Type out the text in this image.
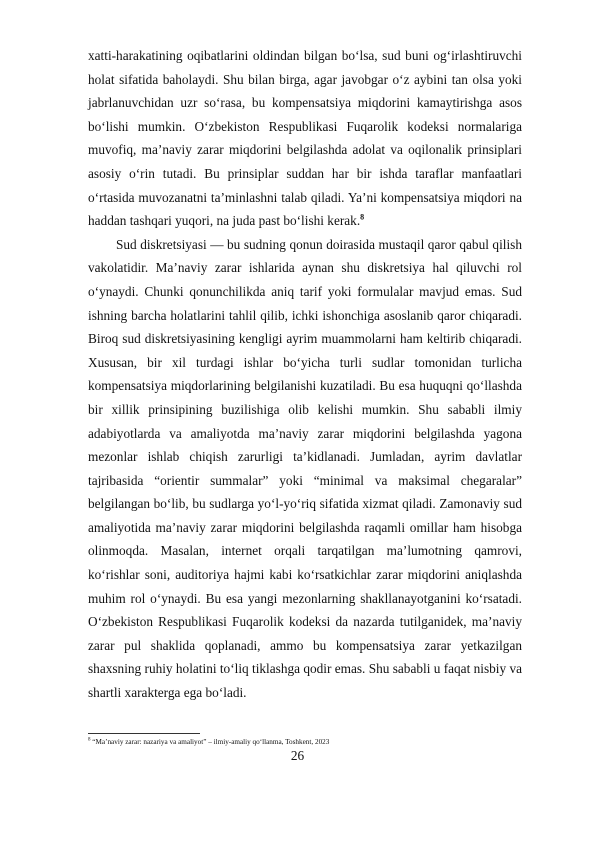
xatti-harakatining oqibatlarini oldindan bilgan bo‘lsa, sud buni og‘irlashtiruvchi holat sifatida baholaydi. Shu bilan birga, agar javobgar o‘z aybini tan olsa yoki jabrlanuvchidan uzr so‘rasa, bu kompensatsiya miqdorini kamaytirishga asos bo‘lishi mumkin. O‘zbekiston Respublikasi Fuqarolik kodeksi normalariga muvofiq, ma’naviy zarar miqdorini belgilashda adolat va oqilonalik prinsiplari asosiy o‘rin tutadi. Bu prinsiplar suddan har bir ishda taraflar manfaatlari o‘rtasida muvozanatni ta’minlashni talab qiladi. Ya’ni kompensatsiya miqdori na haddan tashqari yuqori, na juda past bo‘lishi kerak.$^8$

Sud diskretsiyasi — bu sudning qonun doirasida mustaqil qaror qabul qilish vakolatidir. Ma’naviy zarar ishlarida aynan shu diskretsiya hal qiluvchi rol o‘ynaydi. Chunki qonunchilikda aniq tarif yoki formulalar mavjud emas. Sud ishning barcha holatlarini tahlil qilib, ichki ishonchiga asoslanib qaror chiqaradi. Biroq sud diskretsiyasining kengligi ayrim muammolarni ham keltirib chiqaradi. Xususan, bir xil turdagi ishlar bo‘yicha turli sudlar tomonidan turlicha kompensatsiya miqdorlarining belgilanishi kuzatiladi. Bu esa huquqni qo‘llashda bir xillik prinsipining buzilishiga olib kelishi mumkin. Shu sababli ilmiy adabiyotlarda va amaliyotda ma’naviy zarar miqdorini belgilashda yagona mezonlar ishlab chiqish zarurligi ta’kidlanadi. Jumladan, ayrim davlatlar tajribasida “orientir summalar” yoki “minimal va maksimal chegaralar” belgilangan bo‘lib, bu sudlarga yo‘l-yo‘riq sifatida xizmat qiladi. Zamonaviy sud amaliyotida ma’naviy zarar miqdorini belgilashda raqamli omillar ham hisobga olinmoqda. Masalan, internet orqali tarqatilgan ma’lumotning qamrovi, ko‘rishlar soni, auditoriya hajmi kabi ko‘rsatkichlar zarar miqdorini aniqlashda muhim rol o‘ynaydi. Bu esa yangi mezonlarning shakllanayotganini ko‘rsatadi. O‘zbekiston Respublikasi Fuqarolik kodeksi da nazarda tutilganidek, ma’naviy zarar pul shaklida qoplanadi, ammo bu kompensatsiya zarar yetkazilgan shaxsning ruhiy holatini to‘liq tiklashga qodir emas. Shu sababli u faqat nisbiy va shartli xarakterga ega bo‘ladi.

$^8$ “Ma’naviy zarar: nazariya va amaliyot” – ilmiy-amaliy qo‘llanma, Toshkent, 2023
26
